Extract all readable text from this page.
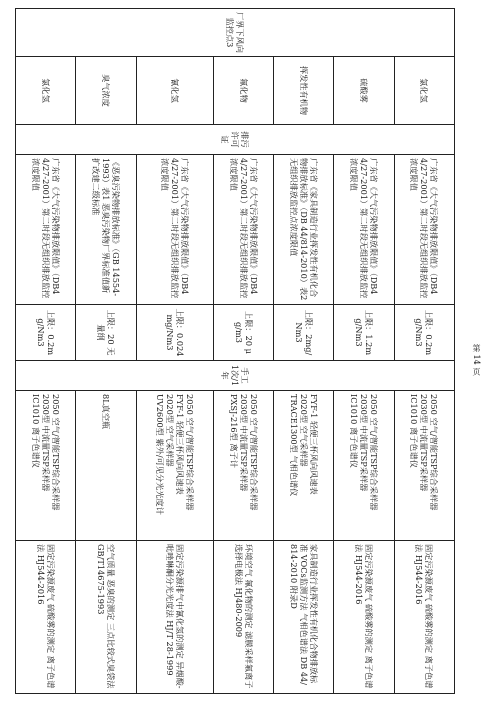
厂界下风向监控点3	氯化氢	排污许可证	广东省《大气污染物排放限值》（DB44/27-2001）第二时段无组织排放监控浓度限值	上限：0.2mg/Nm3	手工 1次/1年	2050 空气/智能TSP综合采样器
2030型 中流量TSP采样器
IC1010 离子色谱仪	固定污染源废气 硫酸雾的测定 离子色谱法 HJ544-2016
	硫酸雾		广东省《大气污染物排放限值》（DB44/27-2001）第二时段无组织排放监控浓度限值	上限：1.2mg/Nm3		2050 空气/智能TSP综合采样器
2030型 中流量TSP采样器
IC1010 离子色谱仪	固定污染源废气 硫酸雾的测定 离子色谱法 HJ544-2016
	挥发性有机物		广东省《家具制造行业挥发性有机化合物排放标准》（DB 44/814-2010）表2 无组织排放监控点浓度限值	上限：2mg/Nm3		FYF-1 轻便三杯风向风速表
2020型 空气采样器
TRACE1300型 气相色谱仪	家具制造行业挥发性有机化合物排放标准 VOCs监测方法 气相色谱法 DB 44/814-2010 附录D
	氟化物		广东省《大气污染物排放限值》（DB44/27-2001）第二时段无组织排放监控浓度限值	上限：20 μg/m3		2050 空气/智能TSP综合采样器
2030型 中流量TSP采样器
PXSJ-216型 离子计	环境空气 氟化物的测定 滤膜采样氟离子选择电极法 HJ480-2009
	氰化氢		广东省《大气污染物排放限值》（DB44/27-2001）第二时段无组织排放监控浓度限值	上限：0.024mg/Nm3		2050 空气/智能TSP综合采样器
FYF-1 轻便三杯风向风速表
2020型 空气采样器
UV2600型 紫外/可见分光光度计	固定污染源排气中氰化氢的测定 异烟酸-吡唑啉酮分光光度法 HJ/T 28-1999
	臭气浓度		《恶臭污染物排放标准》（GB 14554-1993）表1 恶臭污染物厂界标准值新扩改建二级标准	上限：20 无量纲		8L真空瓶	空气质量 恶臭的测定 三点比较式臭袋法 GB/T14675-1993
	氯化氢		广东省《大气污染物排放限值》（DB44/27-2001）第二时段无组织排放监控浓度限值	上限：0.2mg/Nm3		2050 空气/智能TSP综合采样器
2030型 中流量TSP采样器
IC1010 离子色谱仪	固定污染源废气 硫酸雾的测定 离子色谱法 HJ544-2016
第 14 页
